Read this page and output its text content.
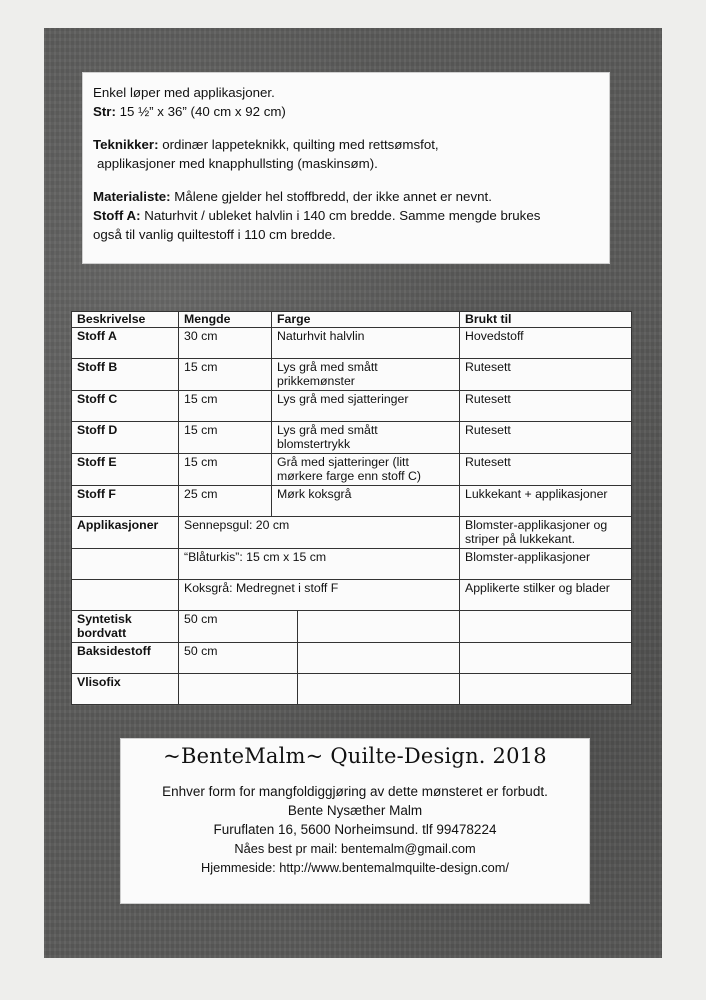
Enkel løper med applikasjoner.

Str: 15 ½” x 36” (40 cm x 92 cm)

Teknikker: ordinær lappeteknikk, quilting med rettsømsfot,

applikasjoner med knapphullsting (maskinsøm).

Materialiste: Målene gjelder hel stoffbredd, der ikke annet er nevnt.

Stoff A: Naturhvit / ubleket halvlin i 140 cm bredde. Samme mengde brukes

også til vanlig quiltestoff i 110 cm bredde.

Beskrivelse	Mengde	Farge		Brukt til
Stoff A	30 cm	Naturhvit halvlin		Hovedstoff
Stoff B	15 cm	Lys grå med smått prikkemønster		Rutesett
Stoff C	15 cm	Lys grå med sjatteringer		Rutesett
Stoff D	15 cm	Lys grå med smått blomstertrykk		Rutesett
Stoff E	15 cm	Grå med sjatteringer (litt mørkere farge enn stoff C)		Rutesett
Stoff F	25 cm	Mørk koksgrå		Lukkekant + applikasjoner
Applikasjoner	Sennepsgul: 20 cm			Blomster-applikasjoner og striper på lukkekant.
	“Blåturkis”: 15 cm x 15 cm			Blomster-applikasjoner
	Koksgrå: Medregnet i stoff F			Applikerte stilker og blader
Syntetisk bordvatt	50 cm			
Baksidestoff	50 cm			
Vlisofix				
~BenteMalm~ Quilte-Design. 2018

Enhver form for mangfoldiggjøring av dette mønsteret er forbudt.

Bente Nysæther Malm

Furuflaten 16, 5600 Norheimsund. tlf 99478224

Nåes best pr mail: bentemalm@gmail.com

Hjemmeside: http://www.bentemalmquilte-design.com/
